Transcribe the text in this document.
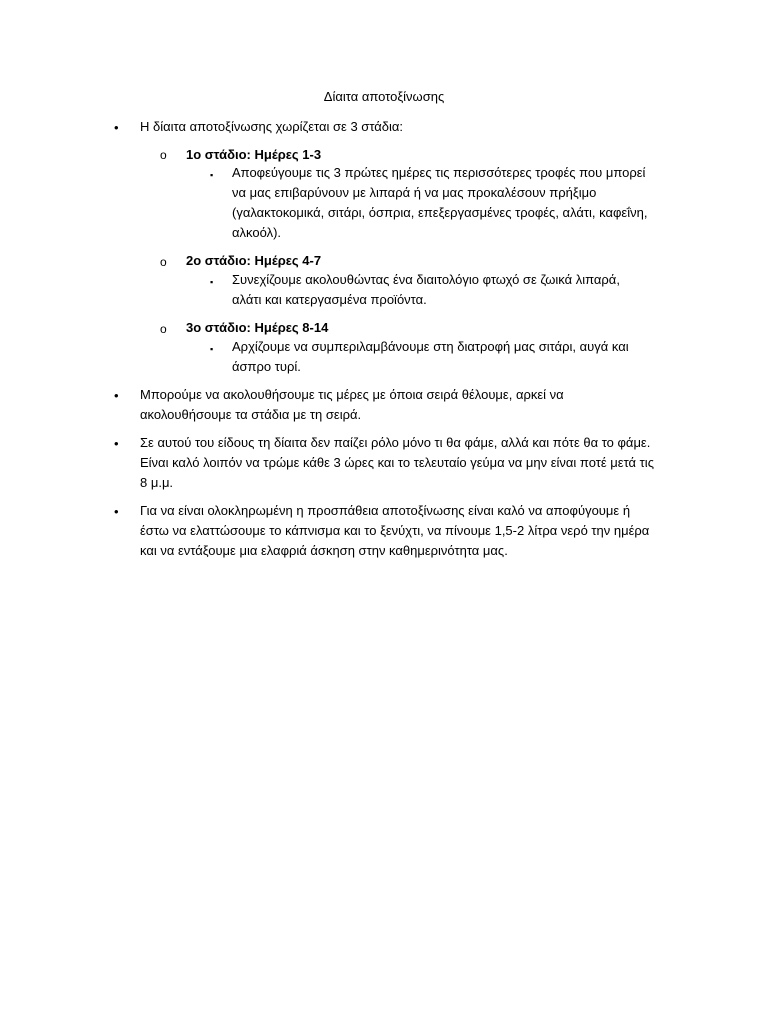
Δίαιτα αποτοξίνωσης
•
Η δίαιτα αποτοξίνωσης χωρίζεται σε 3 στάδια:
o
1ο στάδιο: Ημέρες 1-3
▪
Αποφεύγουμε τις 3 πρώτες ημέρες τις περισσότερες τροφές που μπορεί να μας επιβαρύνουν με λιπαρά ή να μας προκαλέσουν πρήξιμο (γαλακτοκομικά, σιτάρι, όσπρια, επεξεργασμένες τροφές, αλάτι, καφεΐνη, αλκοόλ).
o
2ο στάδιο: Ημέρες 4-7
▪
Συνεχίζουμε ακολουθώντας ένα διαιτολόγιο φτωχό σε ζωικά λιπαρά, αλάτι και κατεργασμένα προϊόντα.
o
3ο στάδιο: Ημέρες 8-14
▪
Αρχίζουμε να συμπεριλαμβάνουμε στη διατροφή μας σιτάρι, αυγά και άσπρο τυρί.
•
Μπορούμε να ακολουθήσουμε τις μέρες με όποια σειρά θέλουμε, αρκεί να ακολουθήσουμε τα στάδια με τη σειρά.
•
Σε αυτού του είδους τη δίαιτα δεν παίζει ρόλο μόνο τι θα φάμε, αλλά και πότε θα το φάμε. Είναι καλό λοιπόν να τρώμε κάθε 3 ώρες και το τελευταίο γεύμα να μην είναι ποτέ μετά τις 8 μ.μ.
•
Για να είναι ολοκληρωμένη η προσπάθεια αποτοξίνωσης είναι καλό να αποφύγουμε ή έστω να ελαττώσουμε το κάπνισμα και το ξενύχτι, να πίνουμε 1,5-2 λίτρα νερό την ημέρα και να εντάξουμε μια ελαφριά άσκηση στην καθημερινότητα μας.
